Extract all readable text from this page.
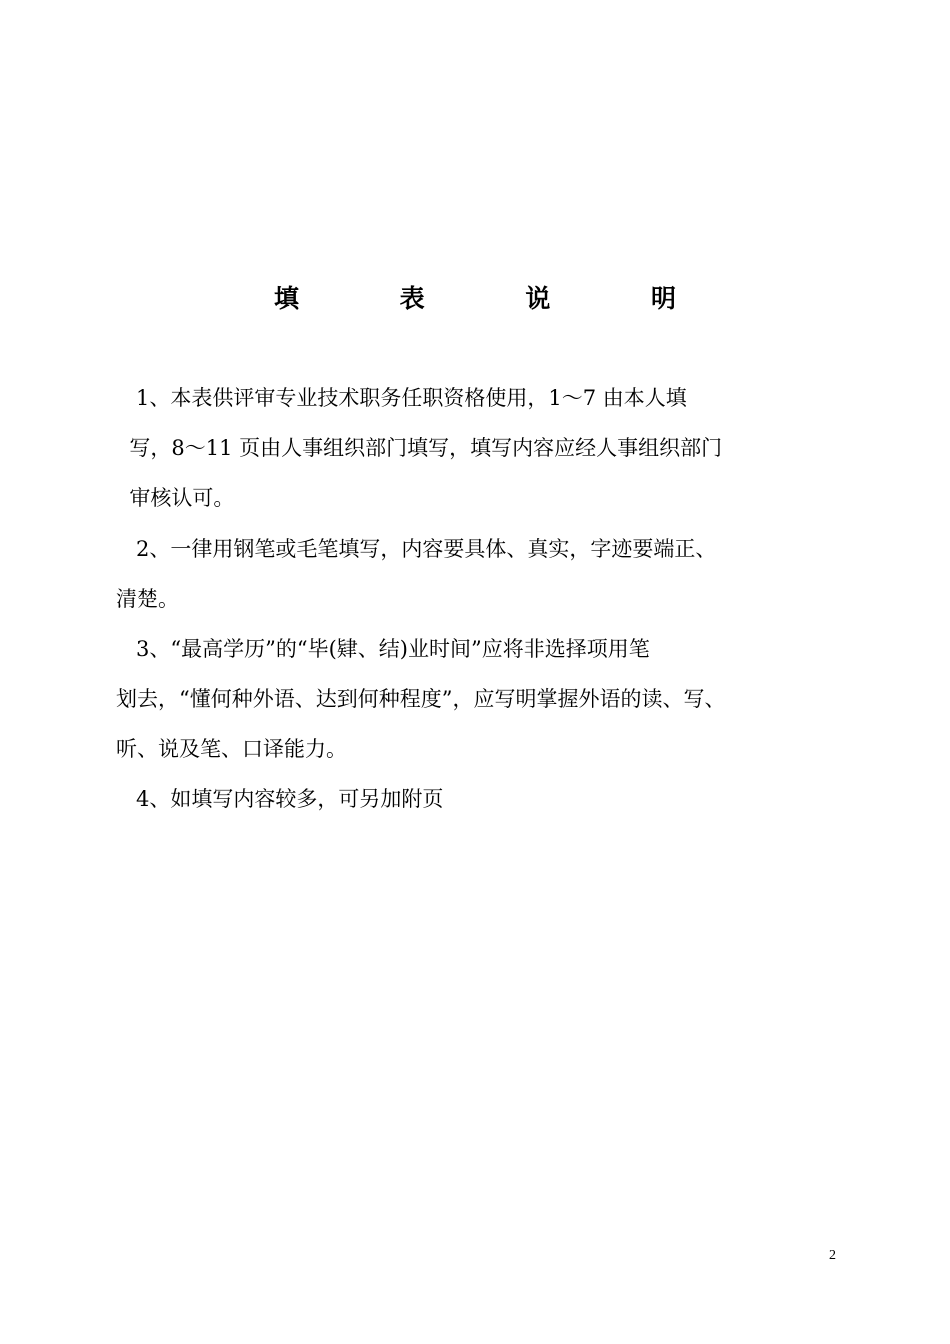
填 表 说 明
1、本表供评审专业技术职务任职资格使用，1～7 由本人填
写，8～11 页由人事组织部门填写，填写内容应经人事组织部门
审核认可。
2、一律用钢笔或毛笔填写，内容要具体、真实，字迹要端正、
清楚。
3、“最高学历”的“毕(肄、结)业时间”应将非选择项用笔
划去，“懂何种外语、达到何种程度”，应写明掌握外语的读、写、
听、说及笔、口译能力。
4、如填写内容较多，可另加附页
2
